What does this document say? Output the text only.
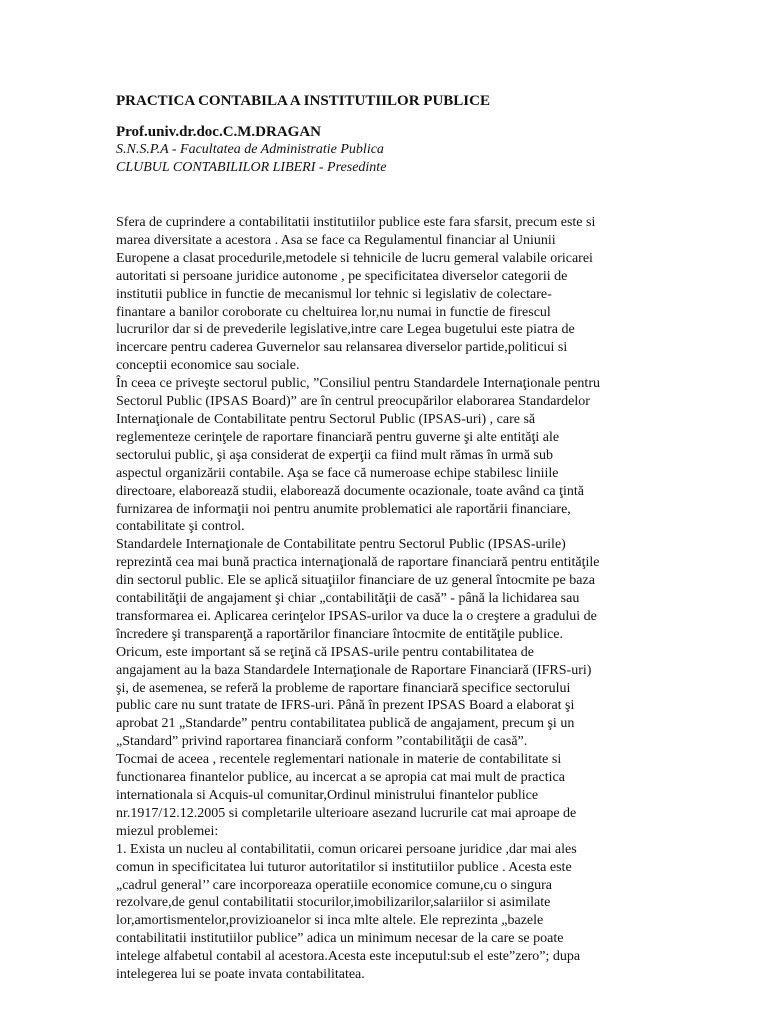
PRACTICA CONTABILA A INSTITUTIILOR PUBLICE
Prof.univ.dr.doc.C.M.DRAGAN
S.N.S.P.A - Facultatea de Administratie Publica
CLUBUL CONTABILILOR LIBERI - Presedinte
Sfera de cuprindere a contabilitatii institutiilor publice este fara sfarsit, precum este si
marea diversitate a acestora . Asa se face ca Regulamentul financiar al Uniunii
Europene a clasat procedurile,metodele si tehnicile de lucru gemeral valabile oricarei
autoritati si persoane juridice autonome , pe specificitatea diverselor categorii de
institutii publice in functie de mecanismul lor tehnic si legislativ de colectare-
finantare a banilor coroborate cu cheltuirea lor,nu numai in functie de firescul
lucrurilor dar si de prevederile legislative,intre care Legea bugetului este piatra de
incercare pentru caderea Guvernelor sau relansarea diverselor partide,politicui si
conceptii economice sau sociale.
În ceea ce priveşte sectorul public, ”Consiliul pentru Standardele Internaţionale pentru
Sectorul Public (IPSAS Board)” are în centrul preocupărilor elaborarea Standardelor
Internaţionale de Contabilitate pentru Sectorul Public (IPSAS-uri) , care să
reglementeze cerinţele de raportare financiară pentru guverne şi alte entităţi ale
sectorului public, şi aşa considerat de experţii ca fiind mult rămas în urmă sub
aspectul organizării contabile. Aşa se face că numeroase echipe stabilesc liniile
directoare, elaborează studii, elaborează documente ocazionale, toate având ca ţintă
furnizarea de informaţii noi pentru anumite problematici ale raportării financiare,
contabilitate şi control.
Standardele Internaţionale de Contabilitate pentru Sectorul Public (IPSAS-urile)
reprezintă cea mai bună practica internaţională de raportare financiară pentru entităţile
din sectorul public. Ele se aplică situaţiilor financiare de uz general întocmite pe baza
contabilităţii de angajament şi chiar „contabilităţii de casă” - până la lichidarea sau
transformarea ei. Aplicarea cerinţelor IPSAS-urilor va duce la o creştere a gradului de
încredere şi transparenţă a raportărilor financiare întocmite de entităţile publice.
Oricum, este important să se reţină că IPSAS-urile pentru contabilitatea de
angajament au la baza Standardele Internaţionale de Raportare Financiară (IFRS-uri)
şi, de asemenea, se referă la probleme de raportare financiară specifice sectorului
public care nu sunt tratate de IFRS-uri. Până în prezent IPSAS Board a elaborat şi
aprobat 21 „Standarde” pentru contabilitatea publică de angajament, precum şi un
„Standard” privind raportarea financiară conform ”contabilităţii de casă”.
Tocmai de aceea , recentele reglementari nationale in materie de contabilitate si
functionarea finantelor publice, au incercat a se apropia cat mai mult de practica
internationala si Acquis-ul comunitar,Ordinul ministrului finantelor publice
nr.1917/12.12.2005 si completarile ulterioare asezand lucrurile cat mai aproape de
miezul problemei:
1. Exista un nucleu al contabilitatii, comun oricarei persoane juridice ,dar mai ales
comun in specificitatea lui tuturor autoritatilor si institutiilor publice . Acesta este
„cadrul general’’ care incorporeaza operatiile economice comune,cu o singura
rezolvare,de genul contabilitatii stocurilor,imobilizarilor,salariilor si asimilate
lor,amortismentelor,provizioanelor si inca mlte altele. Ele reprezinta „bazele
contabilitatii institutiilor publice” adica un minimum necesar de la care se poate
intelege alfabetul contabil al acestora.Acesta este inceputul:sub el este”zero”; dupa
intelegerea lui se poate invata contabilitatea.
